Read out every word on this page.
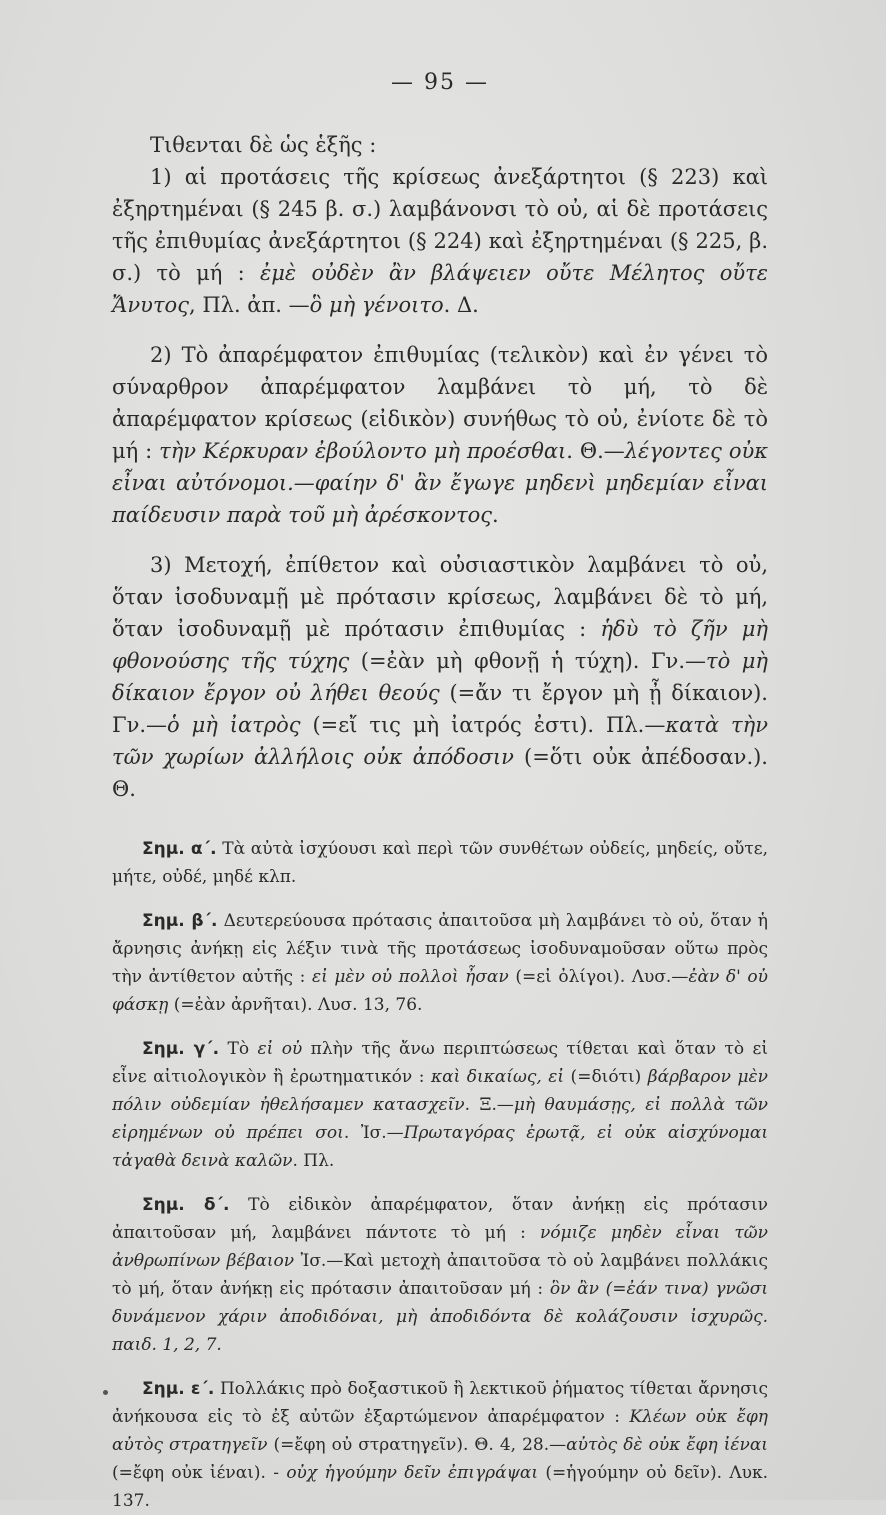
— 95 —

Τιθενται δὲ ὡς ἑξῆς :

1) αἱ προτάσεις τῆς κρίσεως ἀνεξάρτητοι (§ 223) καὶ ἐξηρτημέναι (§ 245 β. σ.) λαμβάνονσι τὸ οὐ, αἱ δὲ προτάσεις τῆς ἐπιθυμίας ἀνεξάρτητοι (§ 224) καὶ ἐξηρτημέναι (§ 225, β. σ.) τὸ μή : ἐμὲ οὐδὲν ἂν βλάψειεν οὔτε Μέλητος οὔτε Ἄνυτος, Πλ. ἀπ. —ὃ μὴ γένοιτο. Δ.

2) Τὸ ἀπαρέμφατον ἐπιθυμίας (τελικὸν) καὶ ἐν γένει τὸ σύναρθρον ἀπαρέμφατον λαμβάνει τὸ μή, τὸ δὲ ἀπαρέμφατον κρίσεως (εἰδικὸν) συνήθως τὸ οὐ, ἐνίοτε δὲ τὸ μή : τὴν Κέρκυραν ἐβούλοντο μὴ προέσθαι. Θ.—λέγοντες οὐκ εἶναι αὐτόνομοι.—φαίην δ' ἂν ἔγωγε μηδενὶ μηδεμίαν εἶναι παίδευσιν παρὰ τοῦ μὴ ἀρέσκοντος.

3) Μετοχή, ἐπίθετον καὶ οὐσιαστικὸν λαμβάνει τὸ οὐ, ὅταν ἰσοδυναμῇ μὲ πρότασιν κρίσεως, λαμβάνει δὲ τὸ μή, ὅταν ἰσοδυναμῇ μὲ πρότασιν ἐπιθυμίας : ἡδὺ τὸ ζῆν μὴ φθονούσης τῆς τύχης (=ἐὰν μὴ φθονῇ ἡ τύχη). Γν.—τὸ μὴ δίκαιον ἔργον οὐ λήθει θεούς (=ἄν τι ἔργον μὴ ᾖ δίκαιον). Γν.—ὁ μὴ ἰατρὸς (=εἴ τις μὴ ἰατρός ἐστι). Πλ.—κατὰ τὴν τῶν χωρίων ἀλλήλοις οὐκ ἀπόδοσιν (=ὅτι οὐκ ἀπέδοσαν.). Θ.

Σημ. α΄. Τὰ αὐτὰ ἰσχύουσι καὶ περὶ τῶν συνθέτων οὐδείς, μηδείς, οὔτε, μήτε, οὐδέ, μηδέ κλπ.

Σημ. β΄. Δευτερεύουσα πρότασις ἀπαιτοῦσα μὴ λαμβάνει τὸ οὐ, ὅταν ἡ ἄρνησις ἀνήκῃ εἰς λέξιν τινὰ τῆς προτάσεως ἰσοδυναμοῦσαν οὕτω πρὸς τὴν ἀντίθετον αὐτῆς : εἰ μὲν οὐ πολλοὶ ἦσαν (=εἰ ὀλίγοι). Λυσ.—ἐὰν δ' οὐ φάσκῃ (=ἐὰν ἀρνῆται). Λυσ. 13, 76.

Σημ. γ΄. Τὸ εἰ οὐ πλὴν τῆς ἄνω περιπτώσεως τίθεται καὶ ὅταν τὸ εἰ εἶνε αἰτιολογικὸν ἢ ἐρωτηματικόν : καὶ δικαίως, εἰ (=διότι) βάρβαρον μὲν πόλιν οὐδεμίαν ἠθελήσαμεν κατασχεῖν. Ξ.—μὴ θαυμάσῃς, εἰ πολλὰ τῶν εἰρημένων οὐ πρέπει σοι. Ἰσ.—Πρωταγόρας ἐρωτᾷ, εἰ οὐκ αἰσχύνομαι τἀγαθὰ δεινὰ καλῶν. Πλ.

Σημ. δ΄. Τὸ εἰδικὸν ἀπαρέμφατον, ὅταν ἀνήκῃ εἰς πρότασιν ἀπαιτοῦσαν μή, λαμβάνει πάντοτε τὸ μή : νόμιζε μηδὲν εἶναι τῶν ἀνθρωπίνων βέβαιον Ἰσ.—Καὶ μετοχὴ ἀπαιτοῦσα τὸ οὐ λαμβάνει πολλάκις τὸ μή, ὅταν ἀνήκῃ εἰς πρότασιν ἀπαιτοῦσαν μή : ὃν ἂν (=ἐάν τινα) γνῶσι δυνάμενον χάριν ἀποδιδόναι, μὴ ἀποδιδόντα δὲ κολάζουσιν ἰσχυρῶς. παιδ. 1, 2, 7.

Σημ. ε΄. Πολλάκις πρὸ δοξαστικοῦ ἢ λεκτικοῦ ῥήματος τίθεται ἄρνησις ἀνήκουσα εἰς τὸ ἐξ αὐτῶν ἐξαρτώμενον ἀπαρέμφατον : Κλέων οὐκ ἔφη αὐτὸς στρατηγεῖν (=ἔφη οὐ στρατηγεῖν). Θ. 4, 28.—αὐτὸς δὲ οὐκ ἔφη ἰέναι (=ἔφη οὐκ ἰέναι). - οὐχ ἡγούμην δεῖν ἐπιγράψαι (=ἡγούμην οὐ δεῖν). Λυκ. 137.
